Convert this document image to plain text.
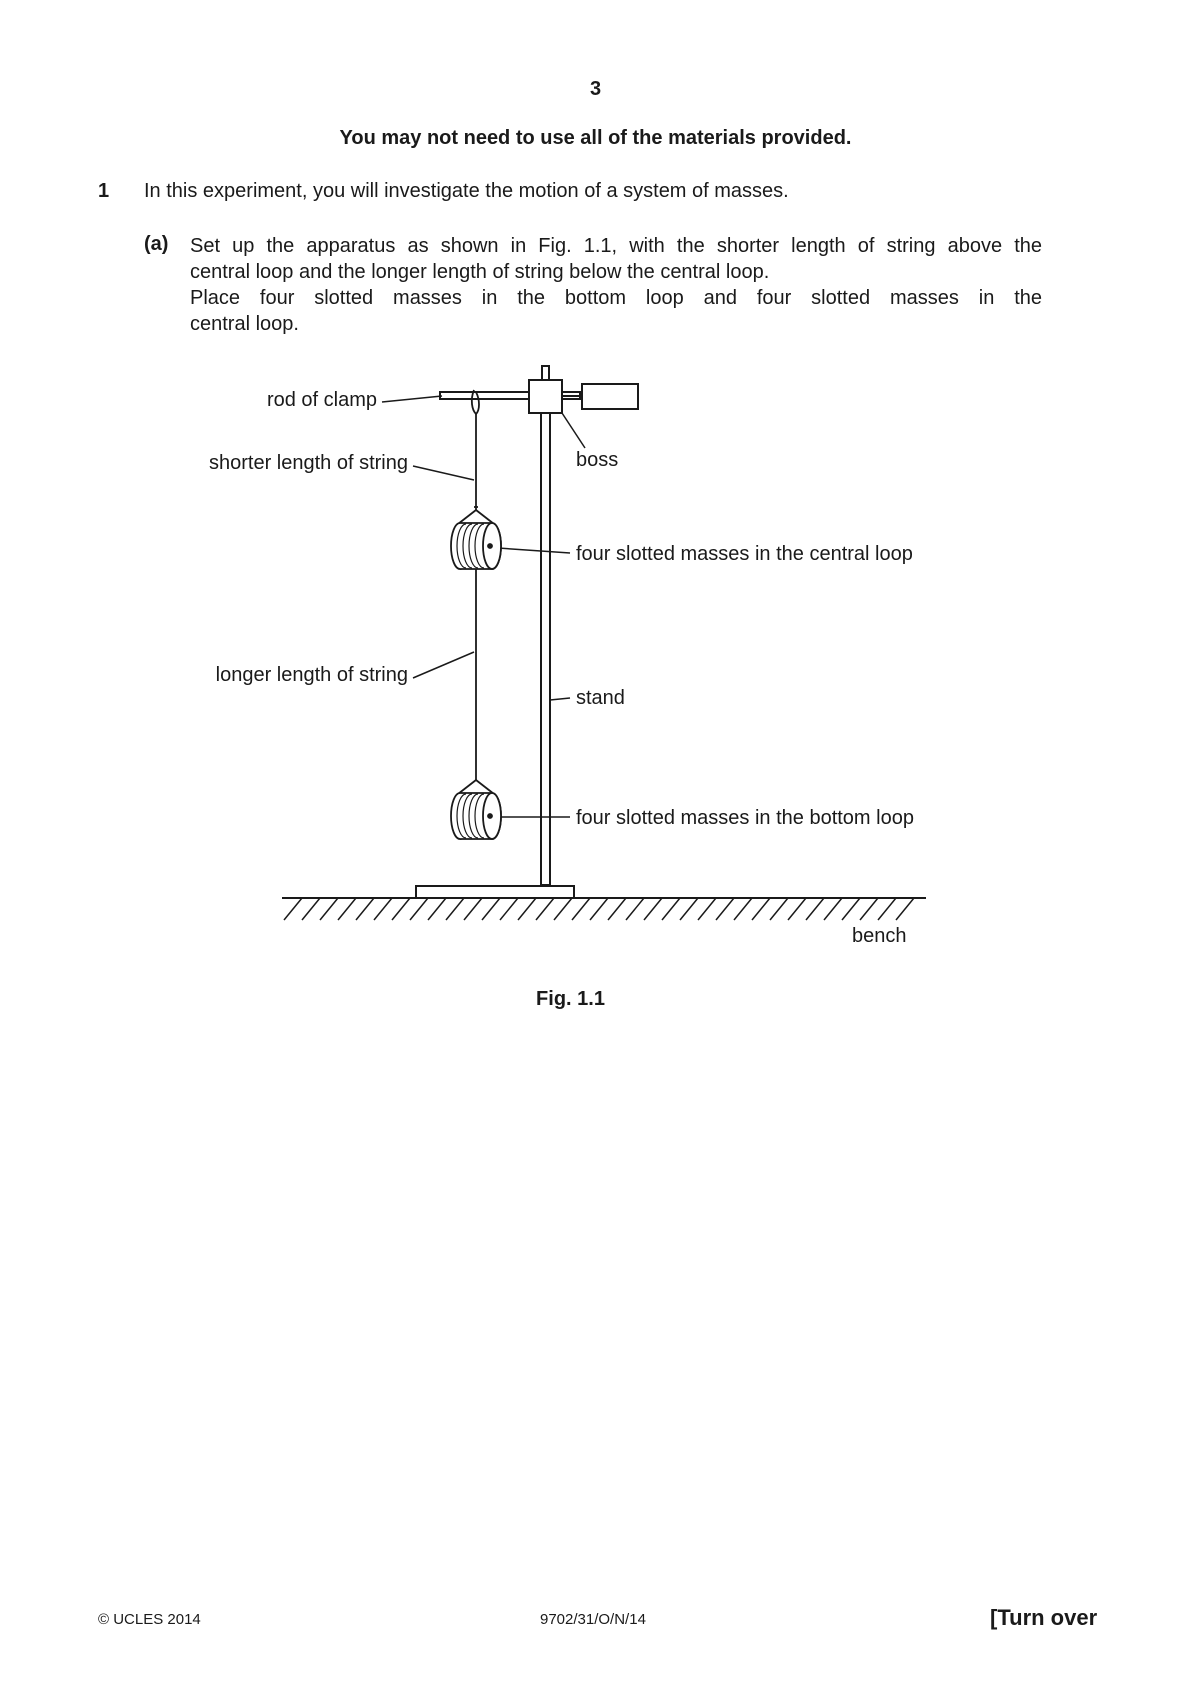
3
You may not need to use all of the materials provided.
1 In this experiment, you will investigate the motion of a system of masses.
(a) Set up the apparatus as shown in Fig. 1.1, with the shorter length of string above the
central loop and the longer length of string below the central loop.
Place four slotted masses in the bottom loop and four slotted masses in the
central loop.
rod of clamp
shorter length of string	boss
four slotted masses in the central loop
longer length of string
stand
four slotted masses in the bottom loop
bench
Fig. 1.1
© UCLES 2014	9702/31/O/N/14	[Turn over
